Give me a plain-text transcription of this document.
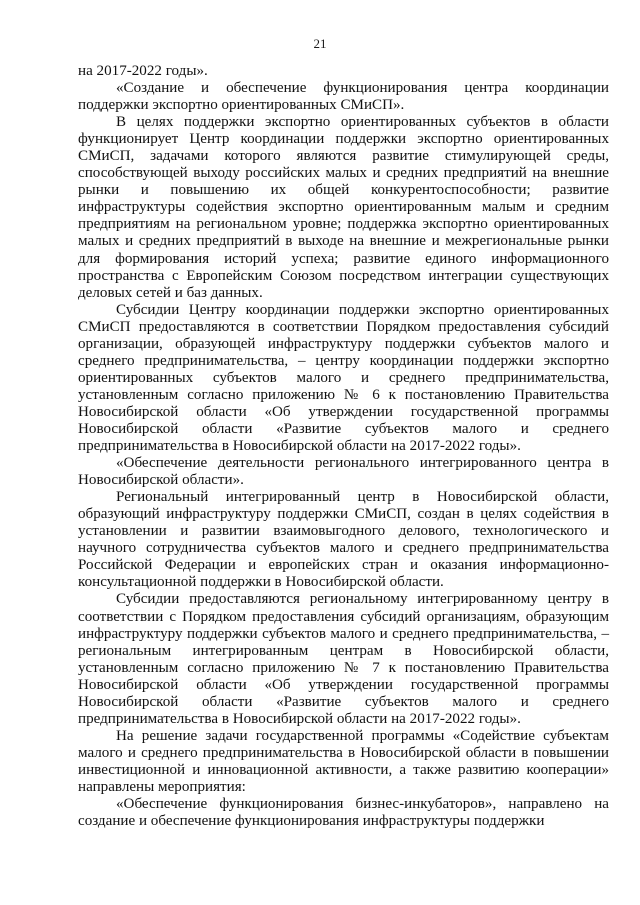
21

на 2017-2022 годы».

«Создание и обеспечение функционирования центра координации поддержки экспортно ориентированных СМиСП».

В целях поддержки экспортно ориентированных субъектов в области функционирует Центр координации поддержки экспортно ориентированных СМиСП, задачами которого являются развитие стимулирующей среды, способствующей выходу российских малых и средних предприятий на внешние рынки и повышению их общей конкурентоспособности; развитие инфраструктуры содействия экспортно ориентированным малым и средним предприятиям на региональном уровне; поддержка экспортно ориентированных малых и средних предприятий в выходе на внешние и межрегиональные рынки для формирования историй успеха; развитие единого информационного пространства с Европейским Союзом посредством интеграции существующих деловых сетей и баз данных.

Субсидии Центру координации поддержки экспортно ориентированных СМиСП предоставляются в соответствии Порядком предоставления субсидий организации, образующей инфраструктуру поддержки субъектов малого и среднего предпринимательства, – центру координации поддержки экспортно ориентированных субъектов малого и среднего предпринимательства, установленным согласно приложению № 6 к постановлению Правительства Новосибирской области «Об утверждении государственной программы Новосибирской области «Развитие субъектов малого и среднего предпринимательства в Новосибирской области на 2017-2022 годы».

«Обеспечение деятельности регионального интегрированного центра в Новосибирской области».

Региональный интегрированный центр в Новосибирской области, образующий инфраструктуру поддержки СМиСП, создан в целях содействия в установлении и развитии взаимовыгодного делового, технологического и научного сотрудничества субъектов малого и среднего предпринимательства Российской Федерации и европейских стран и оказания информационно-консультационной поддержки в Новосибирской области.

Субсидии предоставляются региональному интегрированному центру в соответствии с Порядком предоставления субсидий организациям, образующим инфраструктуру поддержки субъектов малого и среднего предпринимательства, – региональным интегрированным центрам в Новосибирской области, установленным согласно приложению № 7 к постановлению Правительства Новосибирской области «Об утверждении государственной программы Новосибирской области «Развитие субъектов малого и среднего предпринимательства в Новосибирской области на 2017-2022 годы».

На решение задачи государственной программы «Содействие субъектам малого и среднего предпринимательства в Новосибирской области в повышении инвестиционной и инновационной активности, а также развитию кооперации» направлены мероприятия:

«Обеспечение функционирования бизнес-инкубаторов», направлено на создание и обеспечение функционирования инфраструктуры поддержки
